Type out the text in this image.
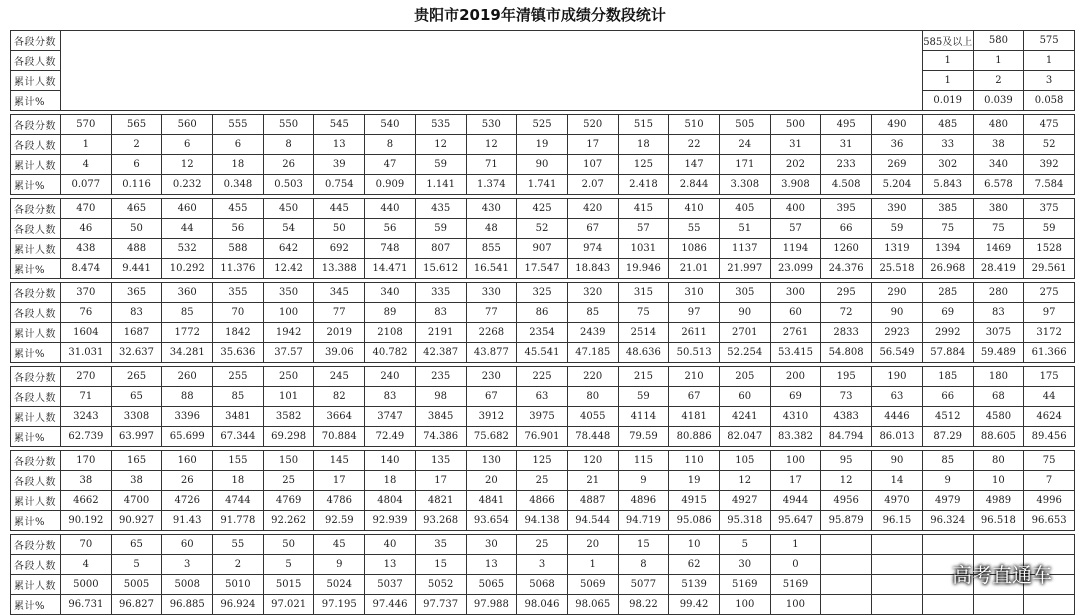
贵阳市2019年清镇市成绩分数段统计
各段分数																		585及以上	580	575
各段人数																		1	1	1
累计人数																		1	2	3
累计%																		0.019	0.039	0.058

各段分数	570	565	560	555	550	545	540	535	530	525	520	515	510	505	500	495	490	485	480	475
各段人数	1	2	6	6	8	13	8	12	12	19	17	18	22	24	31	31	36	33	38	52
累计人数	4	6	12	18	26	39	47	59	71	90	107	125	147	171	202	233	269	302	340	392
累计%	0.077	0.116	0.232	0.348	0.503	0.754	0.909	1.141	1.374	1.741	2.07	2.418	2.844	3.308	3.908	4.508	5.204	5.843	6.578	7.584

各段分数	470	465	460	455	450	445	440	435	430	425	420	415	410	405	400	395	390	385	380	375
各段人数	46	50	44	56	54	50	56	59	48	52	67	57	55	51	57	66	59	75	75	59
累计人数	438	488	532	588	642	692	748	807	855	907	974	1031	1086	1137	1194	1260	1319	1394	1469	1528
累计%	8.474	9.441	10.292	11.376	12.42	13.388	14.471	15.612	16.541	17.547	18.843	19.946	21.01	21.997	23.099	24.376	25.518	26.968	28.419	29.561

各段分数	370	365	360	355	350	345	340	335	330	325	320	315	310	305	300	295	290	285	280	275
各段人数	76	83	85	70	100	77	89	83	77	86	85	75	97	90	60	72	90	69	83	97
累计人数	1604	1687	1772	1842	1942	2019	2108	2191	2268	2354	2439	2514	2611	2701	2761	2833	2923	2992	3075	3172
累计%	31.031	32.637	34.281	35.636	37.57	39.06	40.782	42.387	43.877	45.541	47.185	48.636	50.513	52.254	53.415	54.808	56.549	57.884	59.489	61.366

各段分数	270	265	260	255	250	245	240	235	230	225	220	215	210	205	200	195	190	185	180	175
各段人数	71	65	88	85	101	82	83	98	67	63	80	59	67	60	69	73	63	66	68	44
累计人数	3243	3308	3396	3481	3582	3664	3747	3845	3912	3975	4055	4114	4181	4241	4310	4383	4446	4512	4580	4624
累计%	62.739	63.997	65.699	67.344	69.298	70.884	72.49	74.386	75.682	76.901	78.448	79.59	80.886	82.047	83.382	84.794	86.013	87.29	88.605	89.456

各段分数	170	165	160	155	150	145	140	135	130	125	120	115	110	105	100	95	90	85	80	75
各段人数	38	38	26	18	25	17	18	17	20	25	21	9	19	12	17	12	14	9	10	7
累计人数	4662	4700	4726	4744	4769	4786	4804	4821	4841	4866	4887	4896	4915	4927	4944	4956	4970	4979	4989	4996
累计%	90.192	90.927	91.43	91.778	92.262	92.59	92.939	93.268	93.654	94.138	94.544	94.719	95.086	95.318	95.647	95.879	96.15	96.324	96.518	96.653

各段分数	70	65	60	55	50	45	40	35	30	25	20	15	10	5	1					
各段人数	4	5	3	2	5	9	13	15	13	3	1	8	62	30	0					
累计人数	5000	5005	5008	5010	5015	5024	5037	5052	5065	5068	5069	5077	5139	5169	5169					
累计%	96.731	96.827	96.885	96.924	97.021	97.195	97.446	97.737	97.988	98.046	98.065	98.22	99.42	100	100					
高考直通车
